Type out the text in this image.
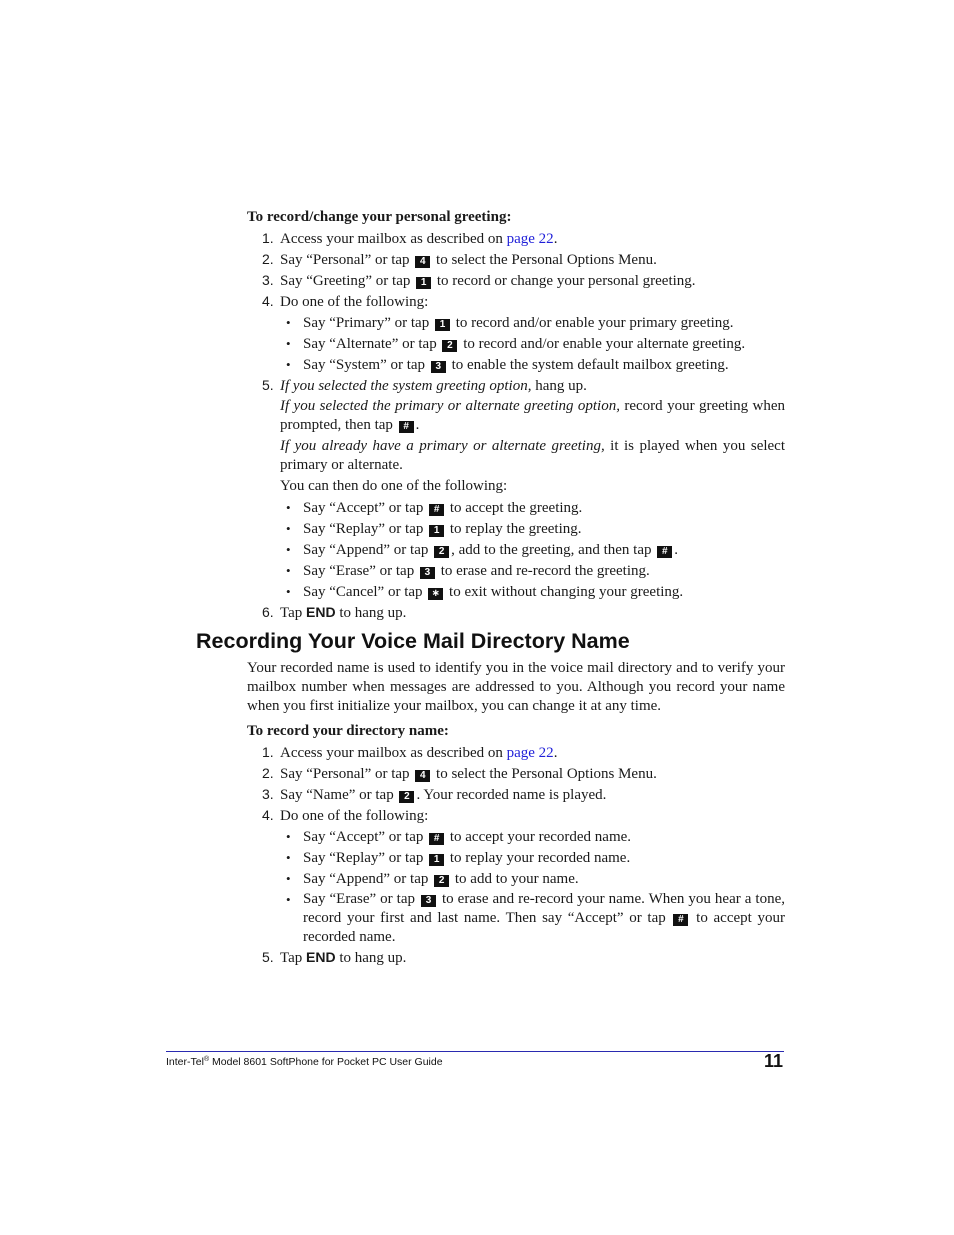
To record/change your personal greeting:
1. Access your mailbox as described on page 22.
2. Say “Personal” or tap 4 to select the Personal Options Menu.
3. Say “Greeting” or tap 1 to record or change your personal greeting.
4. Do one of the following:
• Say “Primary” or tap 1 to record and/or enable your primary greeting.
• Say “Alternate” or tap 2 to record and/or enable your alternate greeting.
• Say “System” or tap 3 to enable the system default mailbox greeting.
5. If you selected the system greeting option, hang up.
If you selected the primary or alternate greeting option, record your greeting when prompted, then tap # .
If you already have a primary or alternate greeting, it is played when you select primary or alternate.
You can then do one of the following:
• Say “Accept” or tap # to accept the greeting.
• Say “Replay” or tap 1 to replay the greeting.
• Say “Append” or tap 2 , add to the greeting, and then tap # .
• Say “Erase” or tap 3 to erase and re-record the greeting.
• Say “Cancel” or tap ∗ to exit without changing your greeting.
6. Tap END to hang up.
Recording Your Voice Mail Directory Name
Your recorded name is used to identify you in the voice mail directory and to verify your mailbox number when messages are addressed to you. Although you record your name when you first initialize your mailbox, you can change it at any time.
To record your directory name:
1. Access your mailbox as described on page 22.
2. Say “Personal” or tap 4 to select the Personal Options Menu.
3. Say “Name” or tap 2 . Your recorded name is played.
4. Do one of the following:
• Say “Accept” or tap # to accept your recorded name.
• Say “Replay” or tap 1 to replay your recorded name.
• Say “Append” or tap 2 to add to your name.
• Say “Erase” or tap 3 to erase and re-record your name. When you hear a tone, record your first and last name. Then say “Accept” or tap # to accept your recorded name.
5. Tap END to hang up.
Inter-Tel® Model 8601 SoftPhone for Pocket PC User Guide	11
